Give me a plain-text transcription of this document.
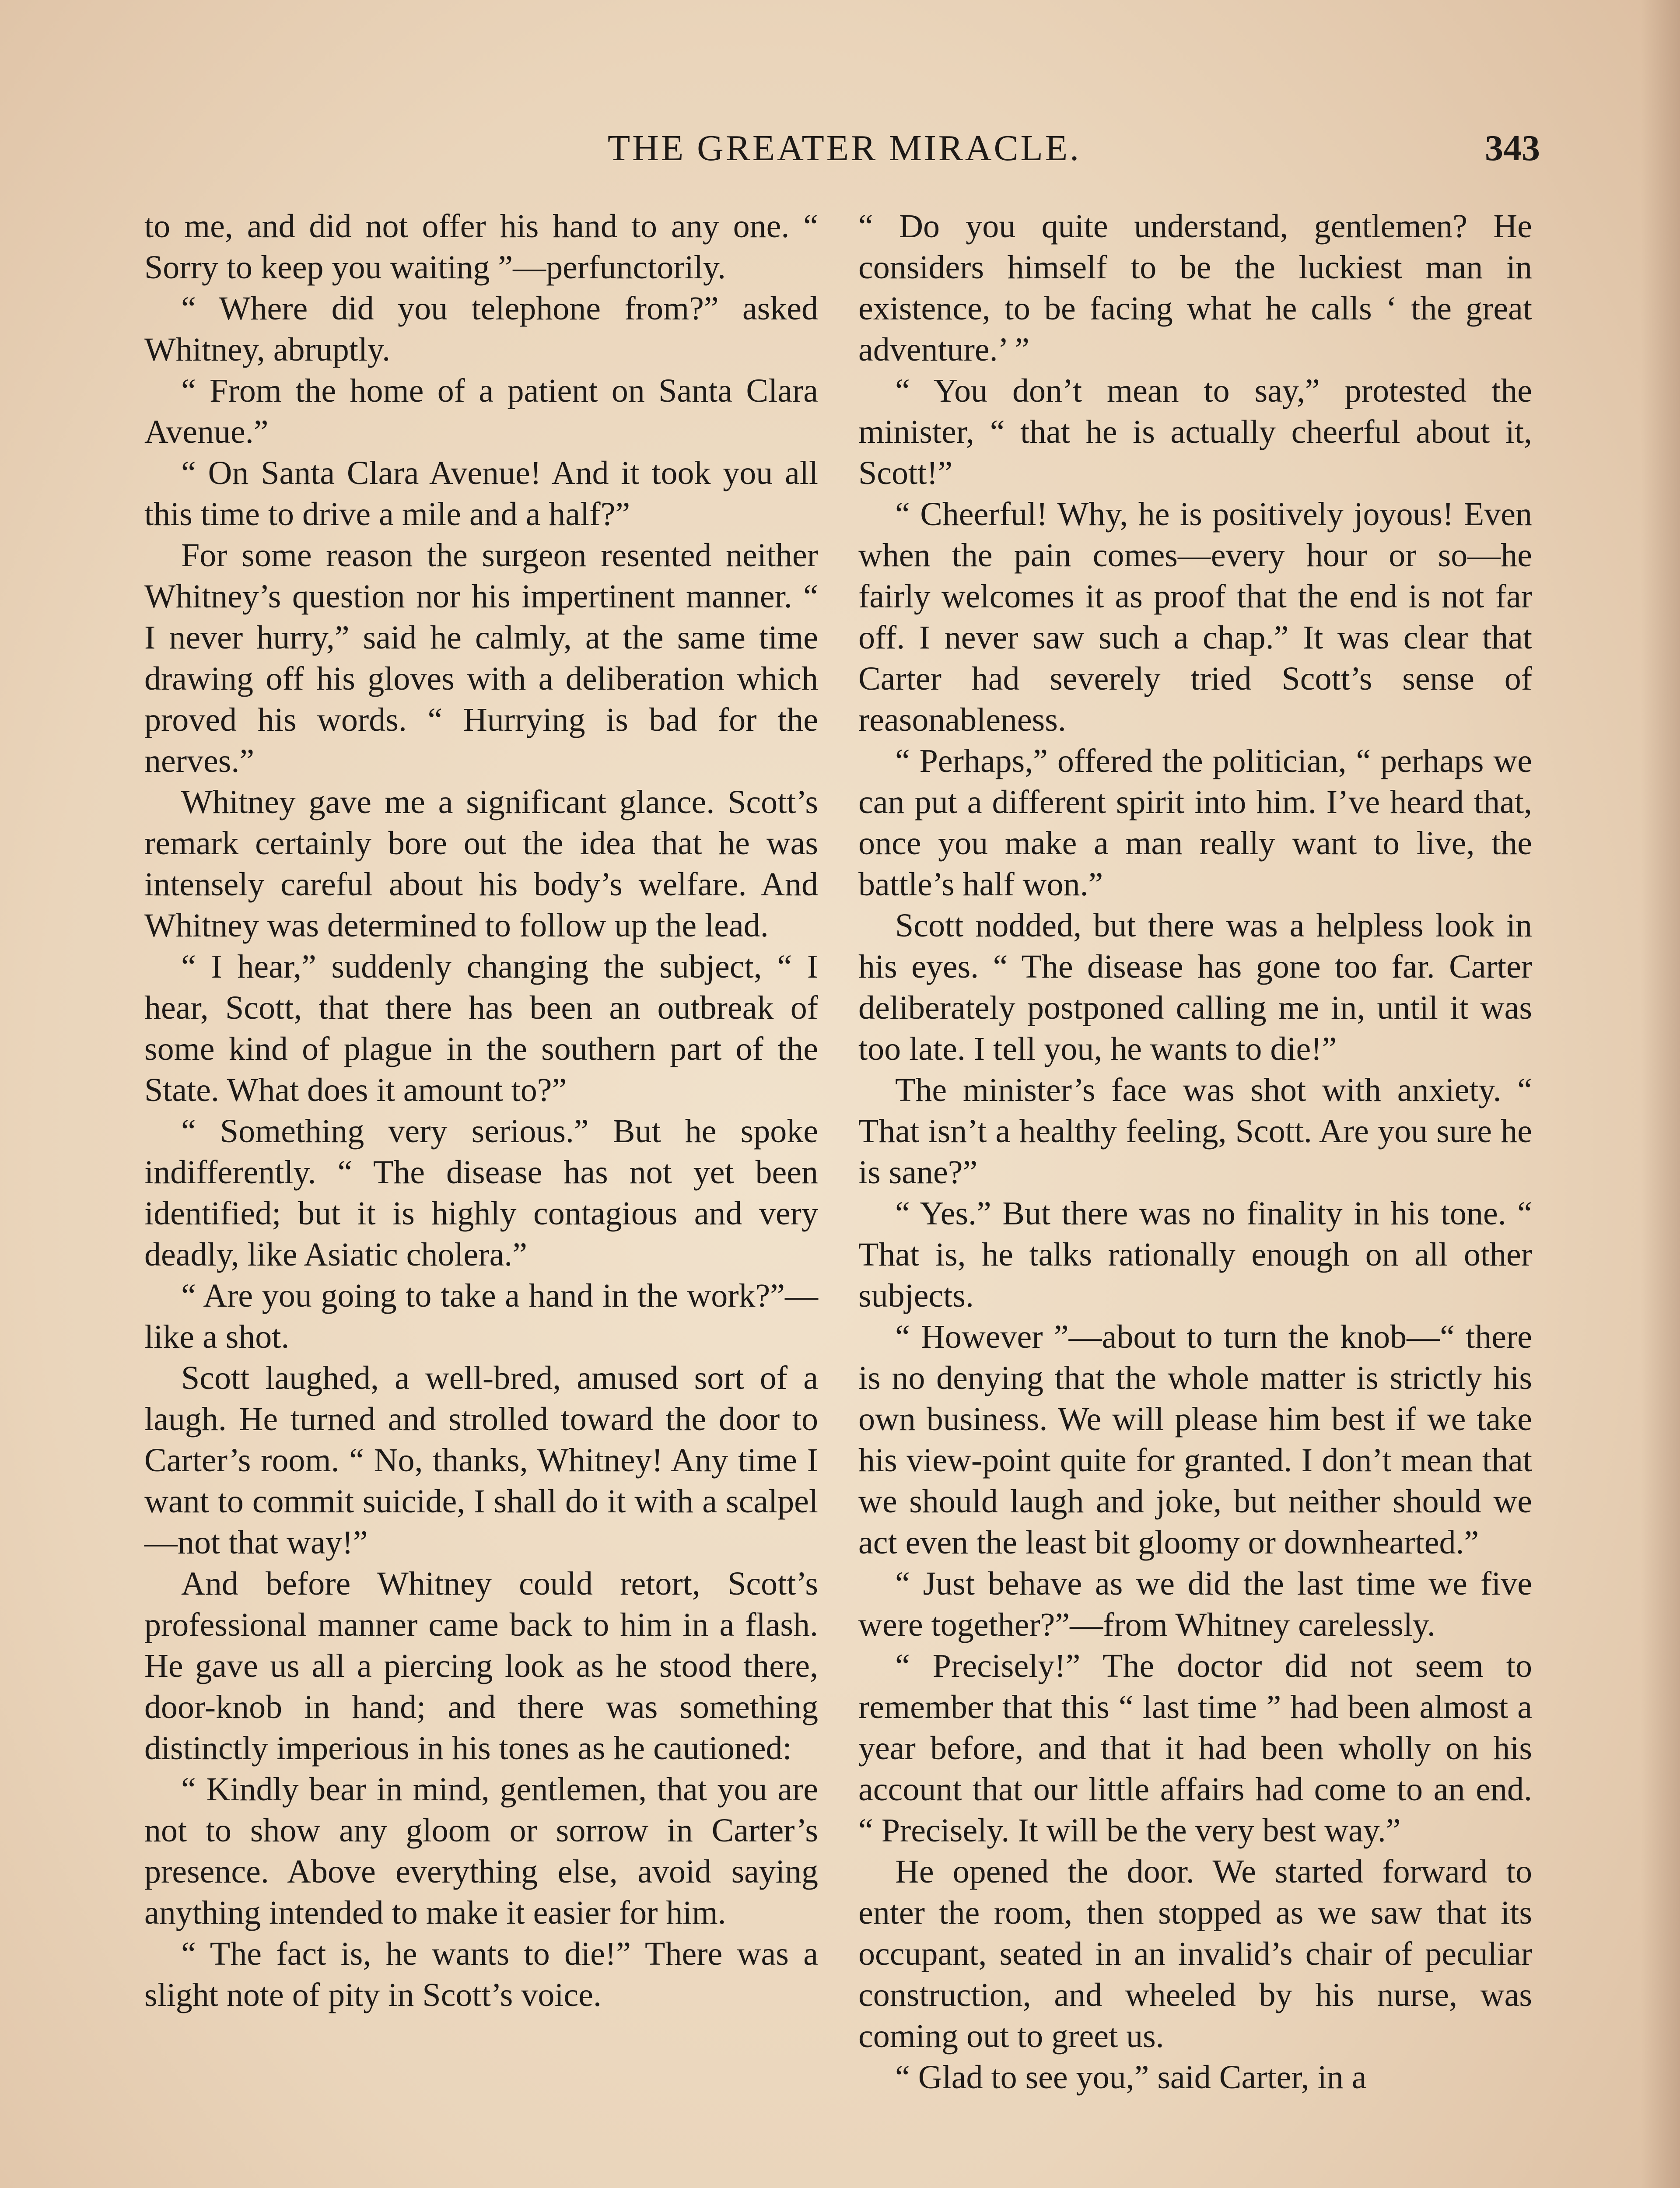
THE GREATER MIRACLE.	343

to me, and did not offer his hand to any one. “ Sorry to keep you waiting ”—perfunctorily.

“ Where did you telephone from?” asked Whitney, abruptly.

“ From the home of a patient on Santa Clara Avenue.”

“ On Santa Clara Avenue! And it took you all this time to drive a mile and a half?”

For some reason the surgeon resented neither Whitney’s question nor his impertinent manner. “ I never hurry,” said he calmly, at the same time drawing off his gloves with a deliberation which proved his words. “ Hurrying is bad for the nerves.”

Whitney gave me a significant glance. Scott’s remark certainly bore out the idea that he was intensely careful about his body’s welfare. And Whitney was determined to follow up the lead.

“ I hear,” suddenly changing the subject, “ I hear, Scott, that there has been an outbreak of some kind of plague in the southern part of the State. What does it amount to?”

“ Something very serious.” But he spoke indifferently. “ The disease has not yet been identified; but it is highly contagious and very deadly, like Asiatic cholera.”

“ Are you going to take a hand in the work?”—like a shot.

Scott laughed, a well-bred, amused sort of a laugh. He turned and strolled toward the door to Carter’s room. “ No, thanks, Whitney! Any time I want to commit suicide, I shall do it with a scalpel—not that way!”

And before Whitney could retort, Scott’s professional manner came back to him in a flash. He gave us all a piercing look as he stood there, door-knob in hand; and there was something distinctly imperious in his tones as he cautioned:

“ Kindly bear in mind, gentlemen, that you are not to show any gloom or sorrow in Carter’s presence. Above everything else, avoid saying anything intended to make it easier for him.

“ The fact is, he wants to die!” There was a slight note of pity in Scott’s voice.

“ Do you quite understand, gentlemen? He considers himself to be the luckiest man in existence, to be facing what he calls ‘ the great adventure.’ ”

“ You don’t mean to say,” protested the minister, “ that he is actually cheerful about it, Scott!”

“ Cheerful! Why, he is positively joyous! Even when the pain comes—every hour or so—he fairly welcomes it as proof that the end is not far off. I never saw such a chap.” It was clear that Carter had severely tried Scott’s sense of reasonableness.

“ Perhaps,” offered the politician, “ perhaps we can put a different spirit into him. I’ve heard that, once you make a man really want to live, the battle’s half won.”

Scott nodded, but there was a helpless look in his eyes. “ The disease has gone too far. Carter deliberately postponed calling me in, until it was too late. I tell you, he wants to die!”

The minister’s face was shot with anxiety. “ That isn’t a healthy feeling, Scott. Are you sure he is sane?”

“ Yes.” But there was no finality in his tone. “ That is, he talks rationally enough on all other subjects.

“ However ”—about to turn the knob—“ there is no denying that the whole matter is strictly his own business. We will please him best if we take his view-point quite for granted. I don’t mean that we should laugh and joke, but neither should we act even the least bit gloomy or downhearted.”

“ Just behave as we did the last time we five were together?”—from Whitney carelessly.

“ Precisely!” The doctor did not seem to remember that this “ last time ” had been almost a year before, and that it had been wholly on his account that our little affairs had come to an end. “ Precisely. It will be the very best way.”

He opened the door. We started forward to enter the room, then stopped as we saw that its occupant, seated in an invalid’s chair of peculiar construction, and wheeled by his nurse, was coming out to greet us.

“ Glad to see you,” said Carter, in a
